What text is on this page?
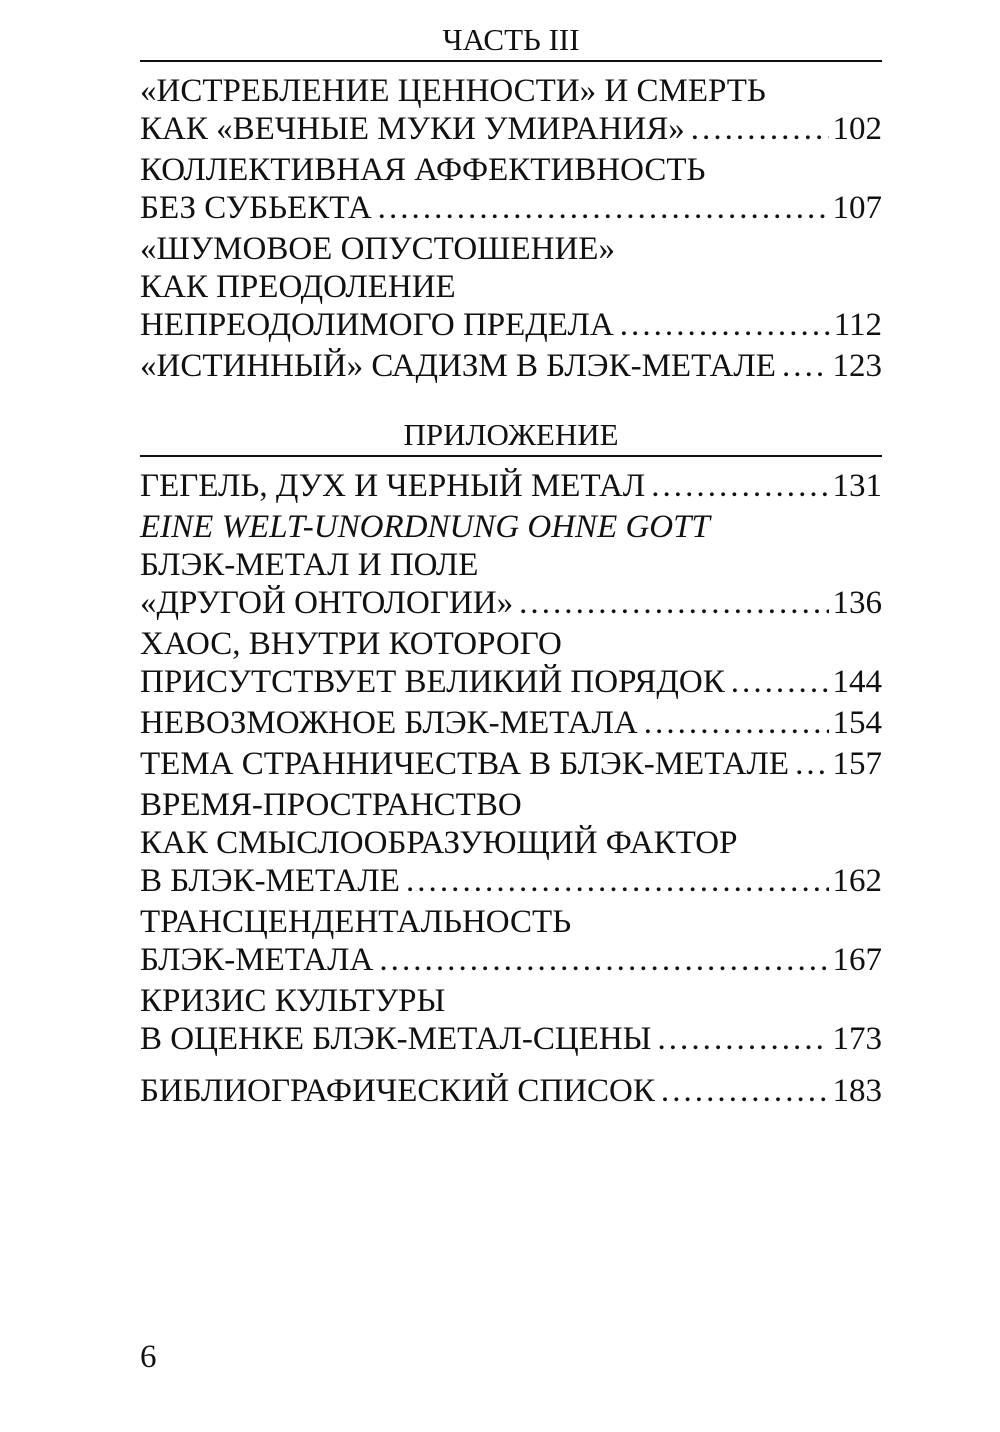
ЧАСТЬ III
«ИСТРЕБЛЕНИЕ ЦЕННОСТИ» И СМЕРТЬ
КАК «ВЕЧНЫЕ МУКИ УМИРАНИЯ» . . .	102
КОЛЛЕКТИВНАЯ АФФЕКТИВНОСТЬ
БЕЗ СУБЬЕКТА . . .	107
«ШУМОВОЕ ОПУСТОШЕНИЕ»
КАК ПРЕОДОЛЕНИЕ
НЕПРЕОДОЛИМОГО ПРЕДЕЛА . . .	112
«ИСТИННЫЙ» САДИЗМ В БЛЭК-МЕТАЛЕ . . . 123
ПРИЛОЖЕНИЕ
ГЕГЕЛЬ, ДУХ И ЧЕРНЫЙ МЕТАЛ . . .	131
EINE WELT-UNORDNUNG OHNE GOTT
БЛЭК-МЕТАЛ И ПОЛЕ
«ДРУГОЙ ОНТОЛОГИИ» . . .	136
ХАОС, ВНУТРИ КОТОРОГО
ПРИСУТСТВУЕТ ВЕЛИКИЙ ПОРЯДОК . . .	144
НЕВОЗМОЖНОЕ БЛЭК-МЕТАЛА . . .	154
ТЕМА СТРАННИЧЕСТВА В БЛЭК-МЕТАЛЕ . . . 157
ВРЕМЯ-ПРОСТРАНСТВО
КАК СМЫСЛООБРАЗУЮЩИЙ ФАКТОР
В БЛЭК-МЕТАЛЕ . . .	162
ТРАНСЦЕНДЕНТАЛЬНОСТЬ
БЛЭК-МЕТАЛА . . .	167
КРИЗИС КУЛЬТУРЫ
В ОЦЕНКЕ БЛЭК-МЕТАЛ-СЦЕНЫ . . .	173
БИБЛИОГРАФИЧЕСКИЙ СПИСОК . . .	183
6
